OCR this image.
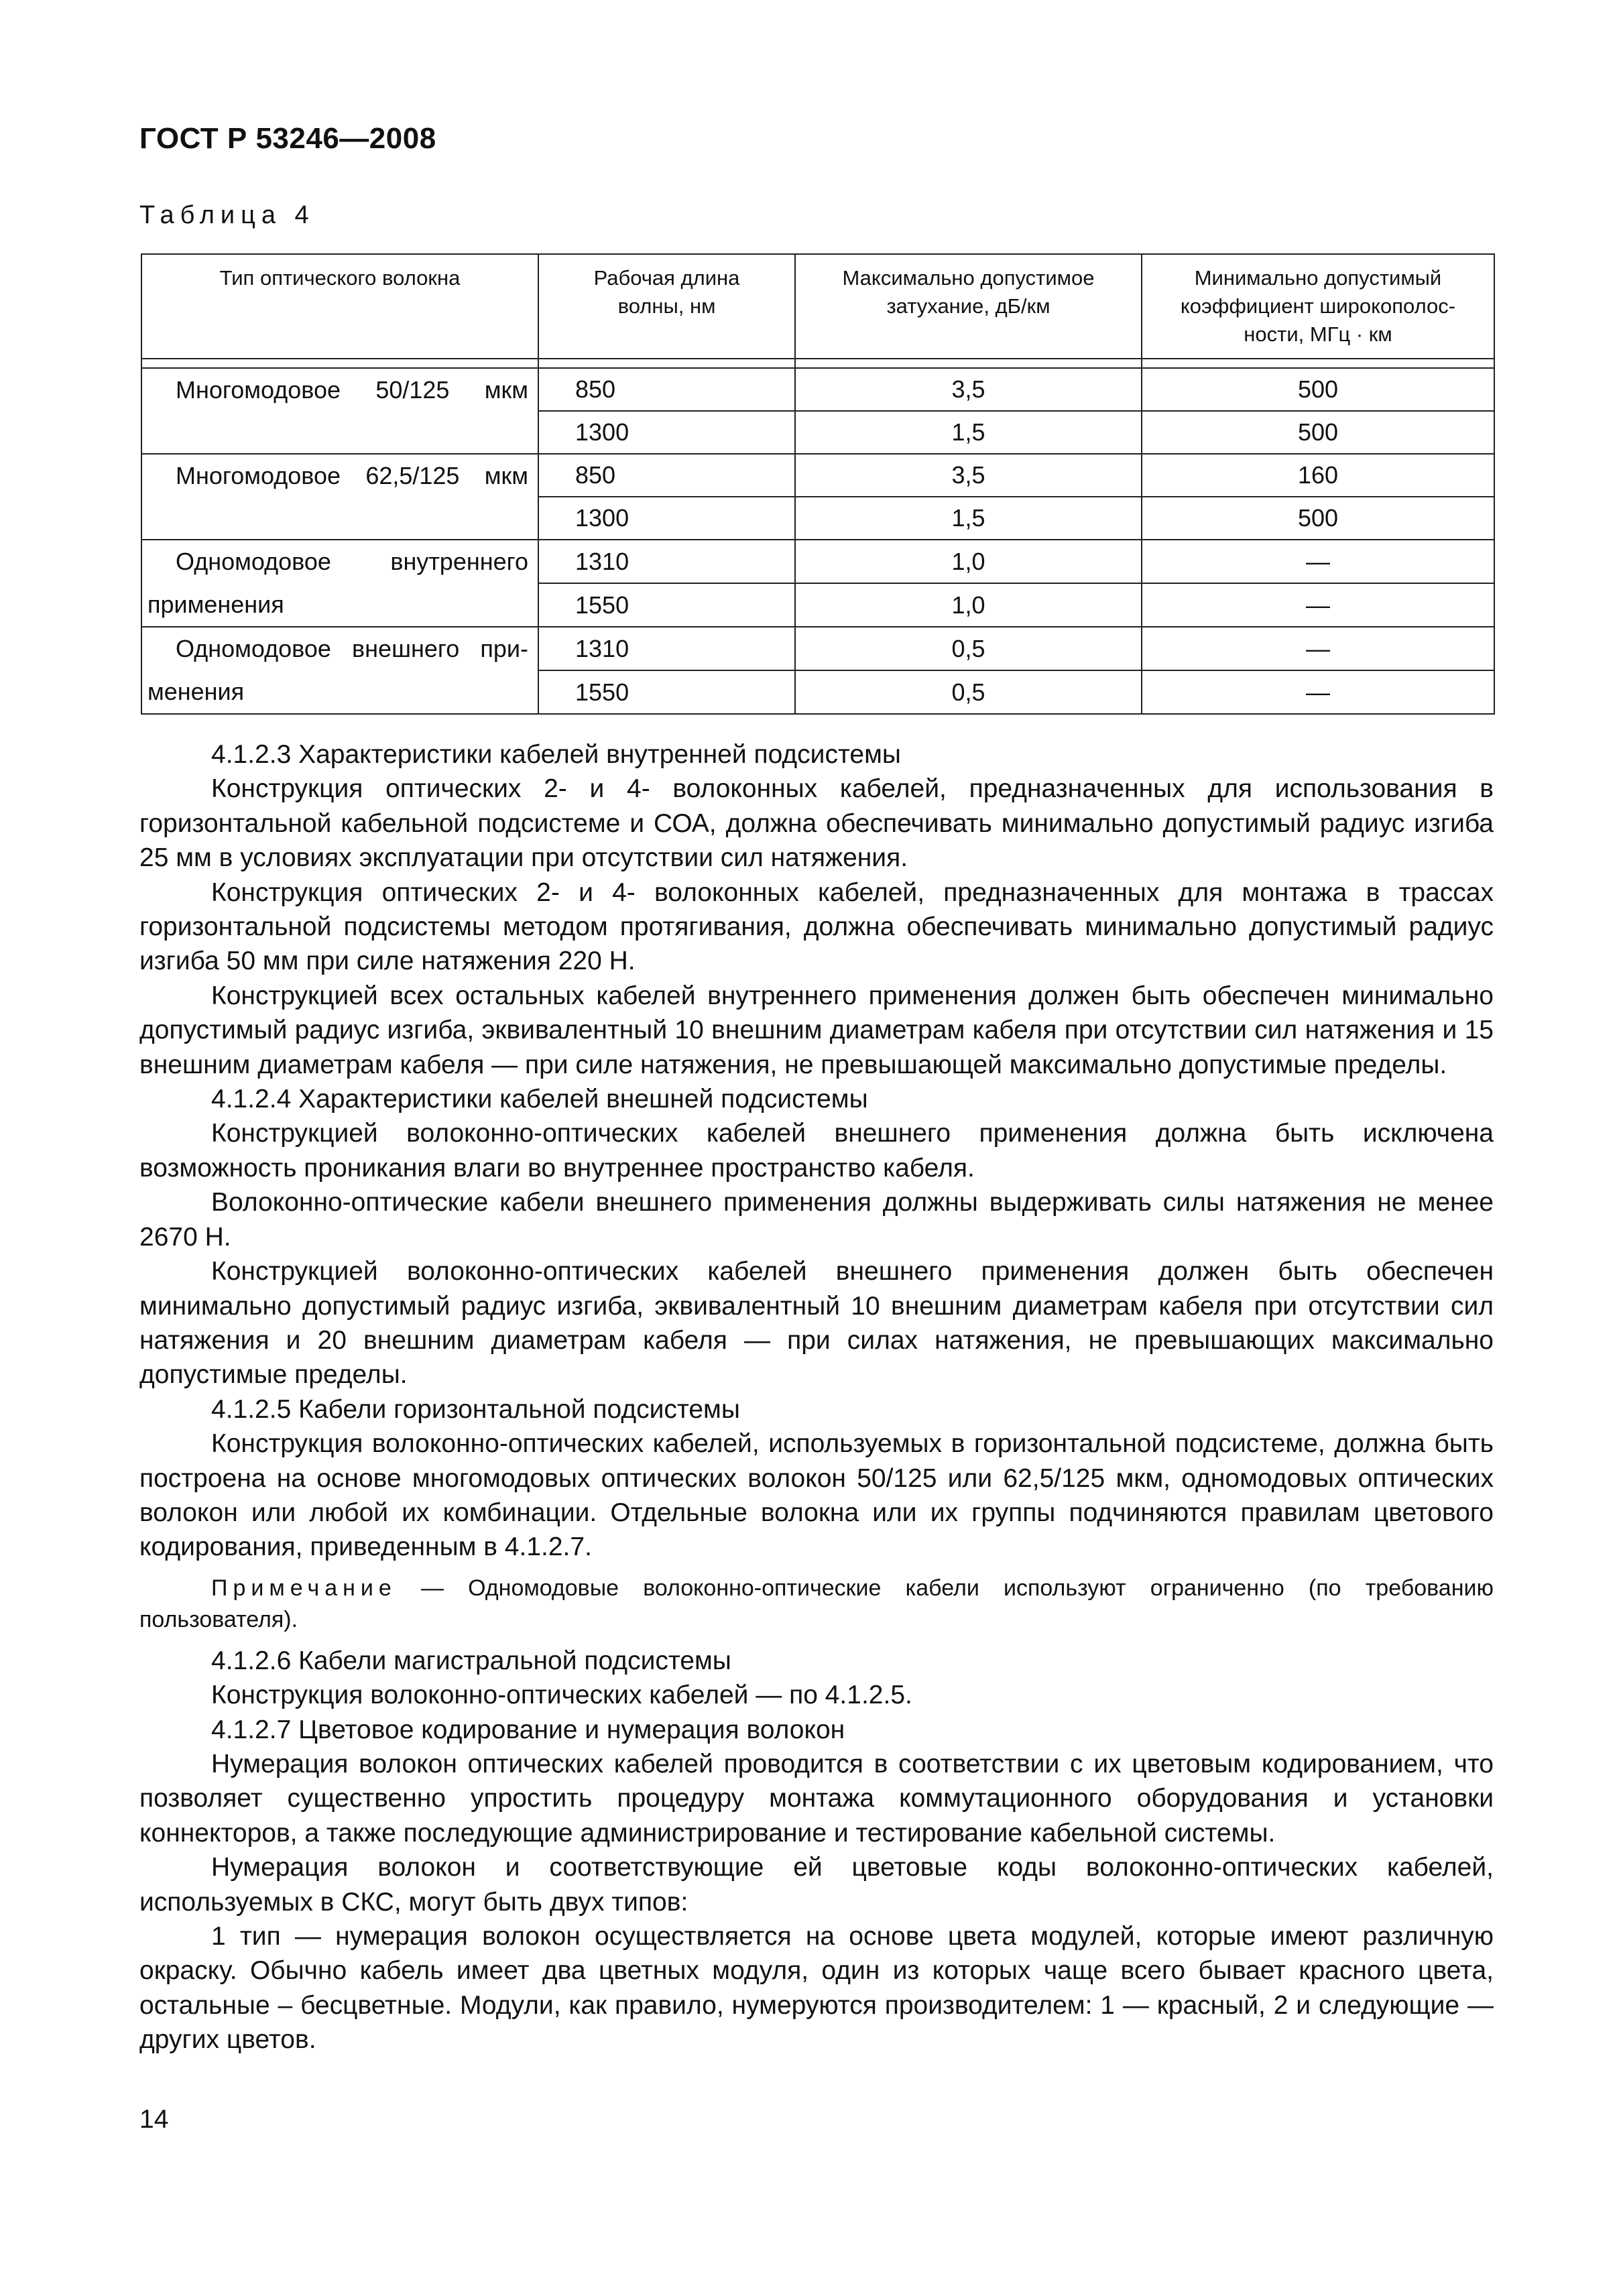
ГОСТ Р 53246—2008
Таблица 4
Тип оптического волокна	Рабочая длина волны, нм	Максимально допустимое затухание, дБ/км	Минимально допустимый коэффициент широкополос-ности, МГц · км

Многомодовое 50/125 мкм	850	3,5	500
	1300	1,5	500

Многомодовое 62,5/125 мкм	850	3,5	160
	1300	1,5	500

Одномодовое внутреннего
применения	1310	1,0	—
	1550	1,0	—

Одномодовое внешнего при-
менения	1310	0,5	—
	1550	0,5	—

4.1.2.3 Характеристики кабелей внутренней подсистемы

Конструкция оптических 2- и 4- волоконных кабелей, предназначенных для использования в горизонтальной кабельной подсистеме и СОА, должна обеспечивать минимально допустимый радиус изгиба 25 мм в условиях эксплуатации при отсутствии сил натяжения.

Конструкция оптических 2- и 4- волоконных кабелей, предназначенных для монтажа в трассах горизонтальной подсистемы методом протягивания, должна обеспечивать минимально допустимый радиус изгиба 50 мм при силе натяжения 220 Н.

Конструкцией всех остальных кабелей внутреннего применения должен быть обеспечен минимально допустимый радиус изгиба, эквивалентный 10 внешним диаметрам кабеля при отсутствии сил натяжения и 15 внешним диаметрам кабеля — при силе натяжения, не превышающей максимально допустимые пределы.

4.1.2.4 Характеристики кабелей внешней подсистемы

Конструкцией волоконно-оптических кабелей внешнего применения должна быть исключена возможность проникания влаги во внутреннее пространство кабеля.

Волоконно-оптические кабели внешнего применения должны выдерживать силы натяжения не менее 2670 Н.

Конструкцией волоконно-оптических кабелей внешнего применения должен быть обеспечен минимально допустимый радиус изгиба, эквивалентный 10 внешним диаметрам кабеля при отсутствии сил натяжения и 20 внешним диаметрам кабеля — при силах натяжения, не превышающих максимально допустимые пределы.

4.1.2.5 Кабели горизонтальной подсистемы

Конструкция волоконно-оптических кабелей, используемых в горизонтальной подсистеме, должна быть построена на основе многомодовых оптических волокон 50/125 или 62,5/125 мкм, одномодовых оптических волокон или любой их комбинации. Отдельные волокна или их группы подчиняются правилам цветового кодирования, приведенным в 4.1.2.7.

Примечание — Одномодовые волоконно-оптические кабели используют ограниченно (по требованию пользователя).

4.1.2.6 Кабели магистральной подсистемы

Конструкция волоконно-оптических кабелей — по 4.1.2.5.

4.1.2.7 Цветовое кодирование и нумерация волокон

Нумерация волокон оптических кабелей проводится в соответствии с их цветовым кодированием, что позволяет существенно упростить процедуру монтажа коммутационного оборудования и установки коннекторов, а также последующие администрирование и тестирование кабельной системы.

Нумерация волокон и соответствующие ей цветовые коды волоконно-оптических кабелей, используемых в СКС, могут быть двух типов:

1 тип — нумерация волокон осуществляется на основе цвета модулей, которые имеют различную окраску. Обычно кабель имеет два цветных модуля, один из которых чаще всего бывает красного цвета, остальные – бесцветные. Модули, как правило, нумеруются производителем: 1 — красный, 2 и следующие — других цветов.

14
